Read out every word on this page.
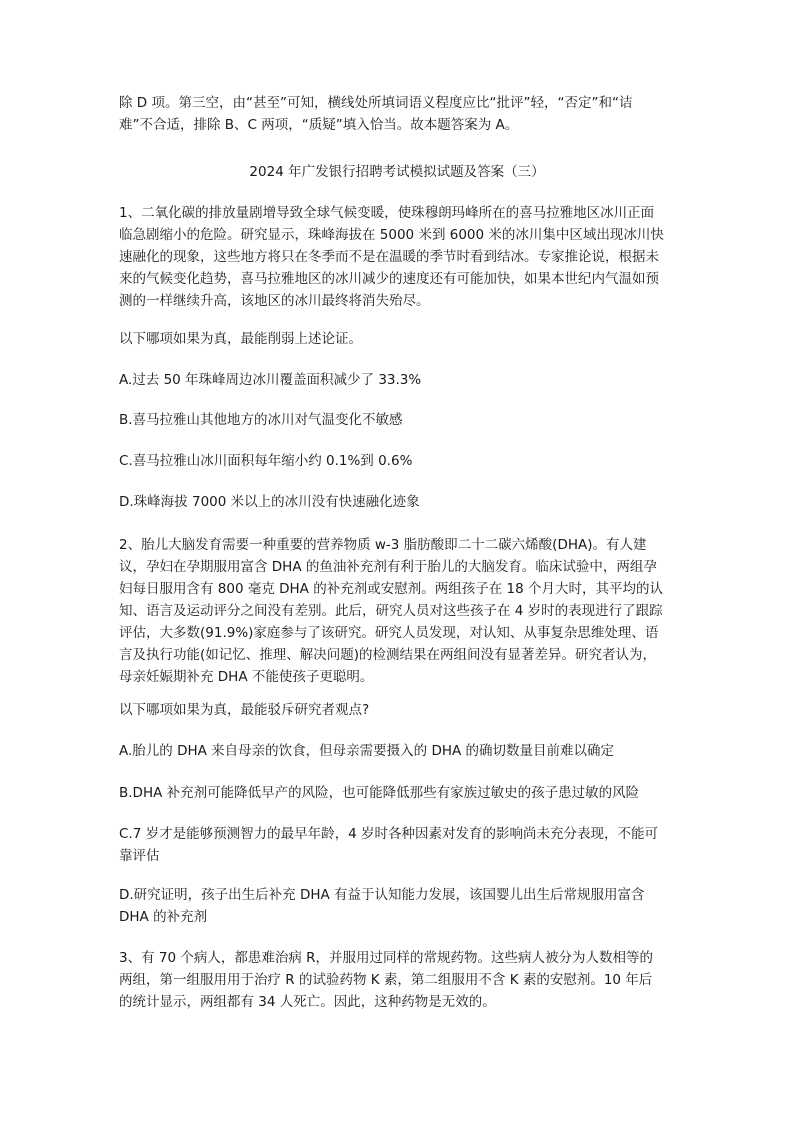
除 D 项。第三空，由“甚至”可知，横线处所填词语义程度应比“批评”轻，“否定”和“诘难”不合适，排除 B、C 两项，“质疑”填入恰当。故本题答案为 A。

2024 年广发银行招聘考试模拟试题及答案（三）

1、二氧化碳的排放量剧增导致全球气候变暖，使珠穆朗玛峰所在的喜马拉雅地区冰川正面临急剧缩小的危险。研究显示，珠峰海拔在 5000 米到 6000 米的冰川集中区域出现冰川快速融化的现象，这些地方将只在冬季而不是在温暖的季节时看到结冰。专家推论说，根据未来的气候变化趋势，喜马拉雅地区的冰川减少的速度还有可能加快，如果本世纪内气温如预测的一样继续升高，该地区的冰川最终将消失殆尽。

以下哪项如果为真，最能削弱上述论证。

A.过去 50 年珠峰周边冰川覆盖面积减少了 33.3%

B.喜马拉雅山其他地方的冰川对气温变化不敏感

C.喜马拉雅山冰川面积每年缩小约 0.1%到 0.6%

D.珠峰海拔 7000 米以上的冰川没有快速融化迹象

2、胎儿大脑发育需要一种重要的营养物质 w-3 脂肪酸即二十二碳六烯酸(DHA)。有人建议，孕妇在孕期服用富含 DHA 的鱼油补充剂有利于胎儿的大脑发育。临床试验中，两组孕妇每日服用含有 800 毫克 DHA 的补充剂或安慰剂。两组孩子在 18 个月大时，其平均的认知、语言及运动评分之间没有差别。此后，研究人员对这些孩子在 4 岁时的表现进行了跟踪评估，大多数(91.9%)家庭参与了该研究。研究人员发现，对认知、从事复杂思维处理、语言及执行功能(如记忆、推理、解决问题)的检测结果在两组间没有显著差异。研究者认为，母亲妊娠期补充 DHA 不能使孩子更聪明。

以下哪项如果为真，最能驳斥研究者观点?

A.胎儿的 DHA 来自母亲的饮食，但母亲需要摄入的 DHA 的确切数量目前难以确定

B.DHA 补充剂可能降低早产的风险，也可能降低那些有家族过敏史的孩子患过敏的风险

C.7 岁才是能够预测智力的最早年龄，4 岁时各种因素对发育的影响尚未充分表现，不能可靠评估

D.研究证明，孩子出生后补充 DHA 有益于认知能力发展，该国婴儿出生后常规服用富含 DHA 的补充剂

3、有 70 个病人，都患难治病 R，并服用过同样的常规药物。这些病人被分为人数相等的两组，第一组服用用于治疗 R 的试验药物 K 素，第二组服用不含 K 素的安慰剂。10 年后的统计显示，两组都有 34 人死亡。因此，这种药物是无效的。
